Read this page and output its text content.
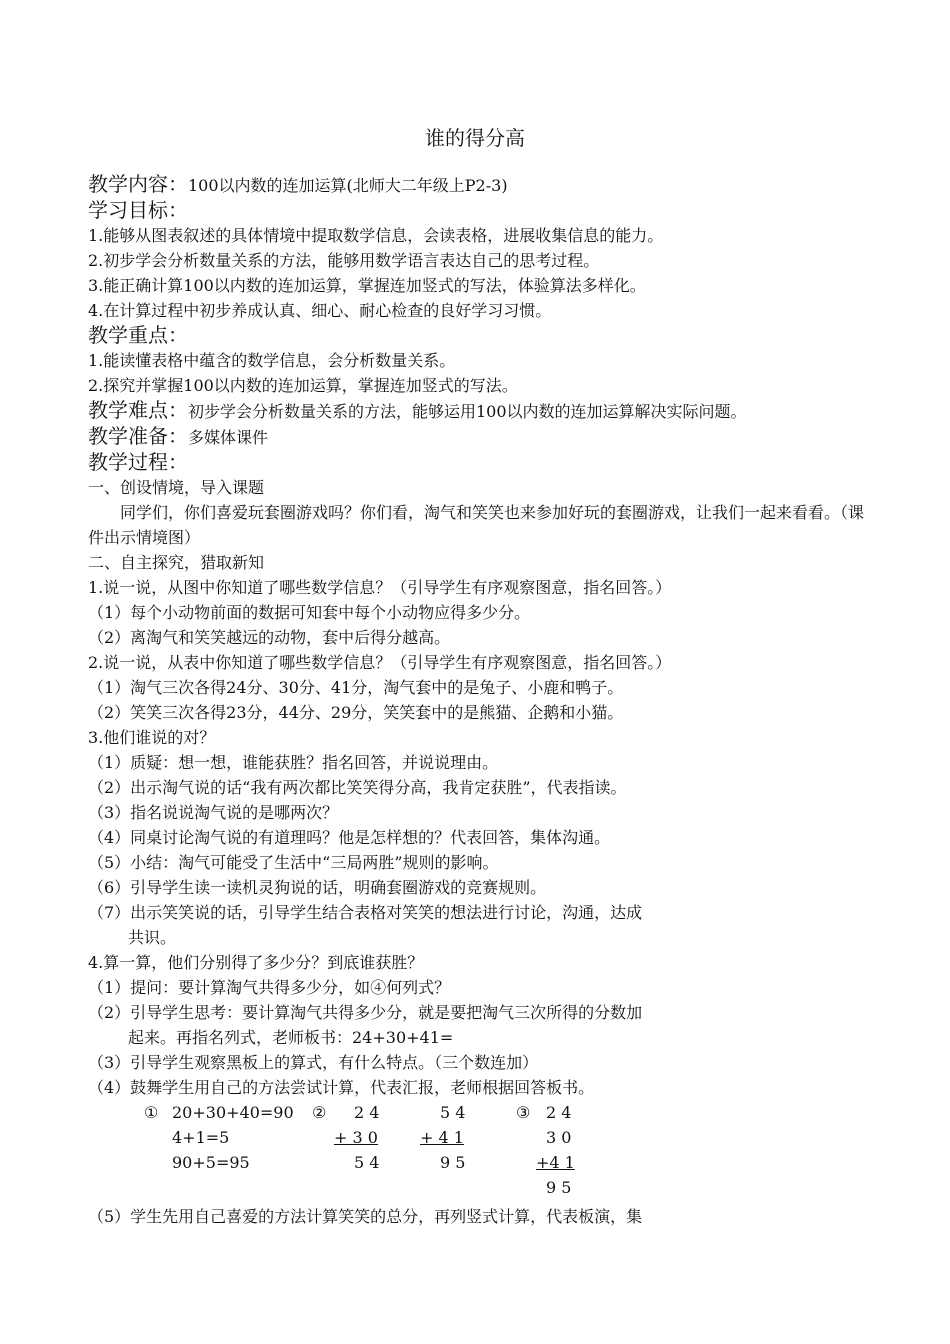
谁的得分高
教学内容：100以内数的连加运算(北师大二年级上P2-3)
学习目标：
1.能够从图表叙述的具体情境中提取数学信息，会读表格，进展收集信息的能力。
2.初步学会分析数量关系的方法，能够用数学语言表达自己的思考过程。
3.能正确计算100以内数的连加运算，掌握连加竖式的写法，体验算法多样化。
4.在计算过程中初步养成认真、细心、耐心检查的良好学习习惯。
教学重点：
1.能读懂表格中蕴含的数学信息，会分析数量关系。
2.探究并掌握100以内数的连加运算，掌握连加竖式的写法。
教学难点：初步学会分析数量关系的方法，能够运用100以内数的连加运算解决实际问题。
教学准备：多媒体课件
教学过程：
一、创设情境，导入课题
同学们，你们喜爱玩套圈游戏吗？你们看，淘气和笑笑也来参加好玩的套圈游戏，让我们一起来看看。（课件出示情境图）
二、自主探究，猎取新知
1.说一说，从图中你知道了哪些数学信息？（引导学生有序观察图意，指名回答。）
（1）每个小动物前面的数据可知套中每个小动物应得多少分。
（2）离淘气和笑笑越远的动物，套中后得分越高。
2.说一说，从表中你知道了哪些数学信息？（引导学生有序观察图意，指名回答。）
（1）淘气三次各得24分、30分、41分，淘气套中的是兔子、小鹿和鸭子。
（2）笑笑三次各得23分，44分、29分，笑笑套中的是熊猫、企鹅和小猫。
3.他们谁说的对？
（1）质疑：想一想，谁能获胜？指名回答，并说说理由。
（2）出示淘气说的话“我有两次都比笑笑得分高，我肯定获胜”，代表指读。
（3）指名说说淘气说的是哪两次？
（4）同桌讨论淘气说的有道理吗？他是怎样想的？代表回答，集体沟通。
（5）小结：淘气可能受了生活中“三局两胜”规则的影响。
（6）引导学生读一读机灵狗说的话，明确套圈游戏的竞赛规则。
（7）出示笑笑说的话，引导学生结合表格对笑笑的想法进行讨论，沟通，达成
共识。
4.算一算，他们分别得了多少分？到底谁获胜？
（1）提问：要计算淘气共得多少分，如④何列式？
（2）引导学生思考：要计算淘气共得多少分，就是要把淘气三次所得的分数加
起来。再指名列式，老师板书：24+30+41=
（3）引导学生观察黑板上的算式，有什么特点。（三个数连加）
（4）鼓舞学生用自己的方法尝试计算，代表汇报，老师根据回答板书。
① 20+30+40=90
4+1=5
90+5=95
② 2 4
+ 3 0
5 4
5 4
+ 4 1
9 5
③ 2 4
3 0
+4 1
9 5
（5）学生先用自己喜爱的方法计算笑笑的总分，再列竖式计算，代表板演，集
